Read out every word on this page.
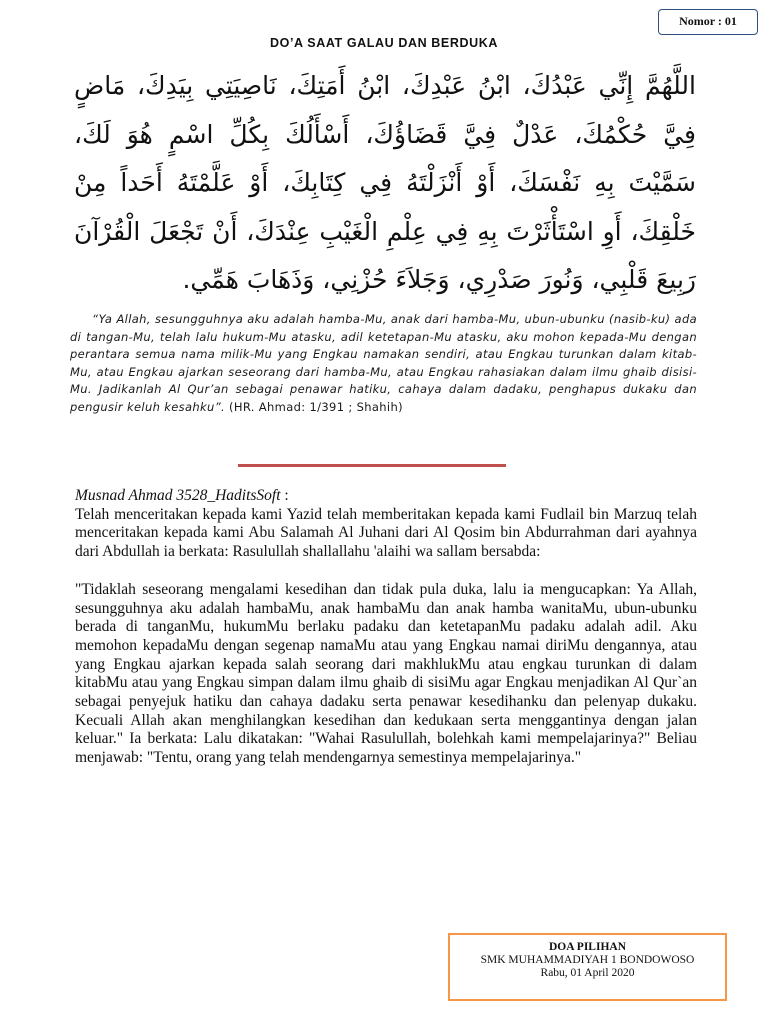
Nomor : 01
DO’A SAAT GALAU DAN BERDUKA
اللَّهُمَّ إِنِّي عَبْدُكَ، ابْنُ عَبْدِكَ، ابْنُ أَمَتِكَ، نَاصِيَتِي بِيَدِكَ، مَاضٍ فِيَّ حُكْمُكَ، عَدْلٌ فِيَّ قَضَاؤُكَ، أَسْأَلُكَ بِكُلِّ اسْمٍ هُوَ لَكَ، سَمَّيْتَ بِهِ نَفْسَكَ، أَوْ أَنْزَلْتَهُ فِي كِتَابِكَ، أَوْ عَلَّمْتَهُ أَحَداً مِنْ خَلْقِكَ، أَوِ اسْتَأْثَرْتَ بِهِ فِي عِلْمِ الْغَيْبِ عِنْدَكَ، أَنْ تَجْعَلَ الْقُرْآنَ رَبِيعَ قَلْبِي، وَنُورَ صَدْرِي، وَجَلاَءَ حُزْنِي، وَذَهَابَ هَمِّي.
“Ya Allah, sesungguhnya aku adalah hamba-Mu, anak dari hamba-Mu, ubun-ubunku (nasib-ku) ada di tangan-Mu, telah lalu hukum-Mu atasku, adil ketetapan-Mu atasku, aku mohon kepada-Mu dengan perantara semua nama milik-Mu yang Engkau namakan sendiri, atau Engkau turunkan dalam kitab-Mu, atau Engkau ajarkan seseorang dari hamba-Mu, atau Engkau rahasiakan dalam ilmu ghaib disisi-Mu. Jadikanlah Al Qur’an sebagai penawar hatiku, cahaya dalam dadaku, penghapus dukaku dan pengusir keluh kesahku”. (HR. Ahmad: 1/391 ; Shahih)

Musnad Ahmad 3528_HaditsSoft :

Telah menceritakan kepada kami Yazid telah memberitakan kepada kami Fudlail bin Marzuq telah menceritakan kepada kami Abu Salamah Al Juhani dari Al Qosim bin Abdurrahman dari ayahnya dari Abdullah ia berkata: Rasulullah shallallahu 'alaihi wa sallam bersabda:

"Tidaklah seseorang mengalami kesedihan dan tidak pula duka, lalu ia mengucapkan: Ya Allah, sesungguhnya aku adalah hambaMu, anak hambaMu dan anak hamba wanitaMu, ubun-ubunku berada di tanganMu, hukumMu berlaku padaku dan ketetapanMu padaku adalah adil. Aku memohon kepadaMu dengan segenap namaMu atau yang Engkau namai diriMu dengannya, atau yang Engkau ajarkan kepada salah seorang dari makhlukMu atau engkau turunkan di dalam kitabMu atau yang Engkau simpan dalam ilmu ghaib di sisiMu agar Engkau menjadikan Al Qur`an sebagai penyejuk hatiku dan cahaya dadaku serta penawar kesedihanku dan pelenyap dukaku. Kecuali Allah akan menghilangkan kesedihan dan kedukaan serta menggantinya dengan jalan keluar." Ia berkata: Lalu dikatakan: "Wahai Rasulullah, bolehkah kami mempelajarinya?" Beliau menjawab: "Tentu, orang yang telah mendengarnya semestinya mempelajarinya."

DOA PILIHAN
SMK MUHAMMADIYAH 1 BONDOWOSO
Rabu, 01 April 2020
